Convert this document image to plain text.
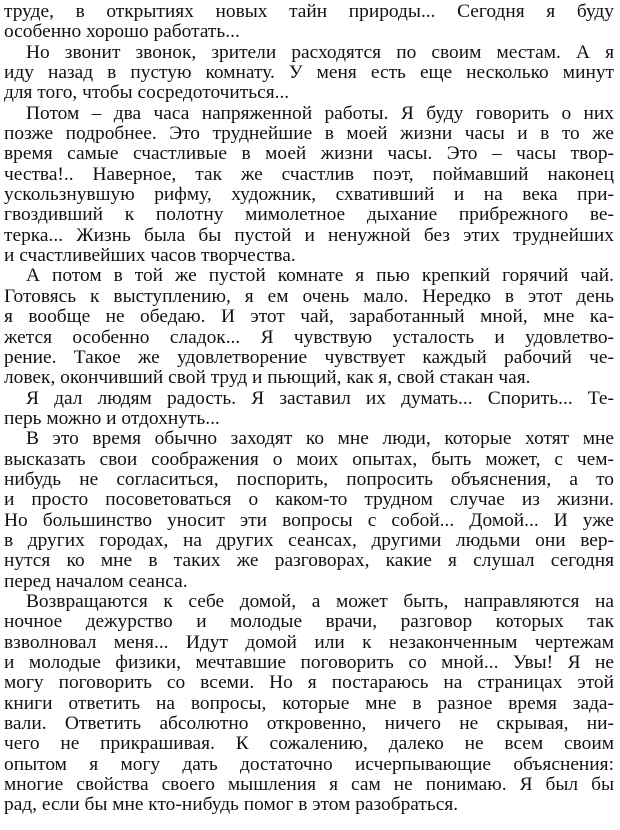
труде, в открытиях новых тайн природы... Сегодня я буду
особенно хорошо работать...
Но звонит звонок, зрители расходятся по своим местам. А я
иду назад в пустую комнату. У меня есть еще несколько минут
для того, чтобы сосредоточиться...
Потом – два часа напряженной работы. Я буду говорить о них
позже подробнее. Это труднейшие в моей жизни часы и в то же
время самые счастливые в моей жизни часы. Это – часы твор-
чества!.. Наверное, так же счастлив поэт, поймавший наконец
ускользнувшую рифму, художник, схвативший и на века при-
гвоздивший к полотну мимолетное дыхание прибрежного ве-
терка... Жизнь была бы пустой и ненужной без этих труднейших
и счастливейших часов творчества.
А потом в той же пустой комнате я пью крепкий горячий чай.
Готовясь к выступлению, я ем очень мало. Нередко в этот день
я вообще не обедаю. И этот чай, заработанный мной, мне ка-
жется особенно сладок... Я чувствую усталость и удовлетво-
рение. Такое же удовлетворение чувствует каждый рабочий че-
ловек, окончивший свой труд и пьющий, как я, свой стакан чая.
Я дал людям радость. Я заставил их думать... Спорить... Те-
перь можно и отдохнуть...
В это время обычно заходят ко мне люди, которые хотят мне
высказать свои соображения о моих опытах, быть может, с чем-
нибудь не согласиться, поспорить, попросить объяснения, а то
и просто посоветоваться о каком-то трудном случае из жизни.
Но большинство уносит эти вопросы с собой... Домой... И уже
в других городах, на других сеансах, другими людьми они вер-
нутся ко мне в таких же разговорах, какие я слушал сегодня
перед началом сеанса.
Возвращаются к себе домой, а может быть, направляются на
ночное дежурство и молодые врачи, разговор которых так
взволновал меня... Идут домой или к незаконченным чертежам
и молодые физики, мечтавшие поговорить со мной... Увы! Я не
могу поговорить со всеми. Но я постараюсь на страницах этой
книги ответить на вопросы, которые мне в разное время зада-
вали. Ответить абсолютно откровенно, ничего не скрывая, ни-
чего не прикрашивая. К сожалению, далеко не всем своим
опытом я могу дать достаточно исчерпывающие объяснения:
многие свойства своего мышления я сам не понимаю. Я был бы
рад, если бы мне кто-нибудь помог в этом разобраться.
